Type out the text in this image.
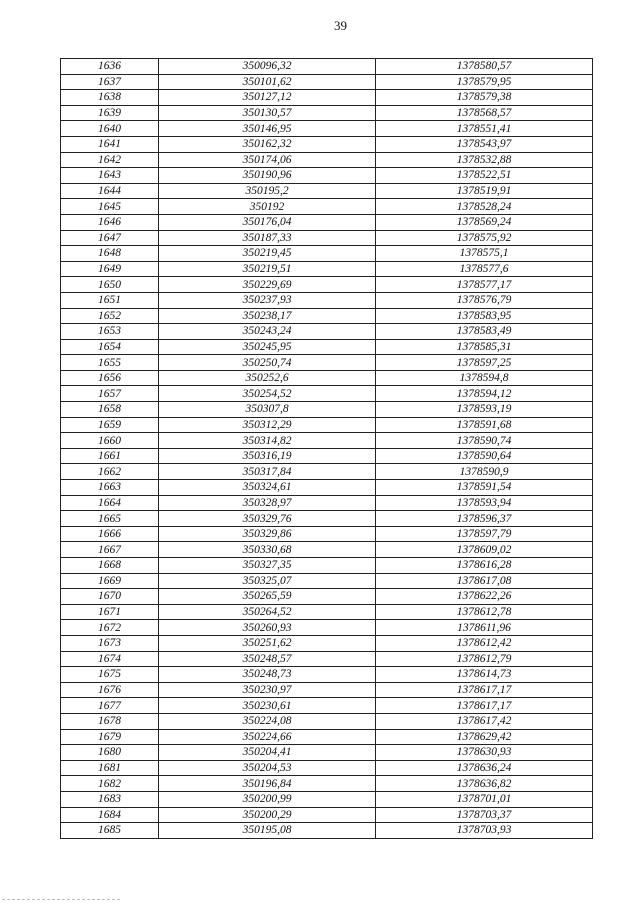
39
1636	350096,32	1378580,57
1637	350101,62	1378579,95
1638	350127,12	1378579,38
1639	350130,57	1378568,57
1640	350146,95	1378551,41
1641	350162,32	1378543,97
1642	350174,06	1378532,88
1643	350190,96	1378522,51
1644	350195,2	1378519,91
1645	350192	1378528,24
1646	350176,04	1378569,24
1647	350187,33	1378575,92
1648	350219,45	1378575,1
1649	350219,51	1378577,6
1650	350229,69	1378577,17
1651	350237,93	1378576,79
1652	350238,17	1378583,95
1653	350243,24	1378583,49
1654	350245,95	1378585,31
1655	350250,74	1378597,25
1656	350252,6	1378594,8
1657	350254,52	1378594,12
1658	350307,8	1378593,19
1659	350312,29	1378591,68
1660	350314,82	1378590,74
1661	350316,19	1378590,64
1662	350317,84	1378590,9
1663	350324,61	1378591,54
1664	350328,97	1378593,94
1665	350329,76	1378596,37
1666	350329,86	1378597,79
1667	350330,68	1378609,02
1668	350327,35	1378616,28
1669	350325,07	1378617,08
1670	350265,59	1378622,26
1671	350264,52	1378612,78
1672	350260,93	1378611,96
1673	350251,62	1378612,42
1674	350248,57	1378612,79
1675	350248,73	1378614,73
1676	350230,97	1378617,17
1677	350230,61	1378617,17
1678	350224,08	1378617,42
1679	350224,66	1378629,42
1680	350204,41	1378630,93
1681	350204,53	1378636,24
1682	350196,84	1378636,82
1683	350200,99	1378701,01
1684	350200,29	1378703,37
1685	350195,08	1378703,93
